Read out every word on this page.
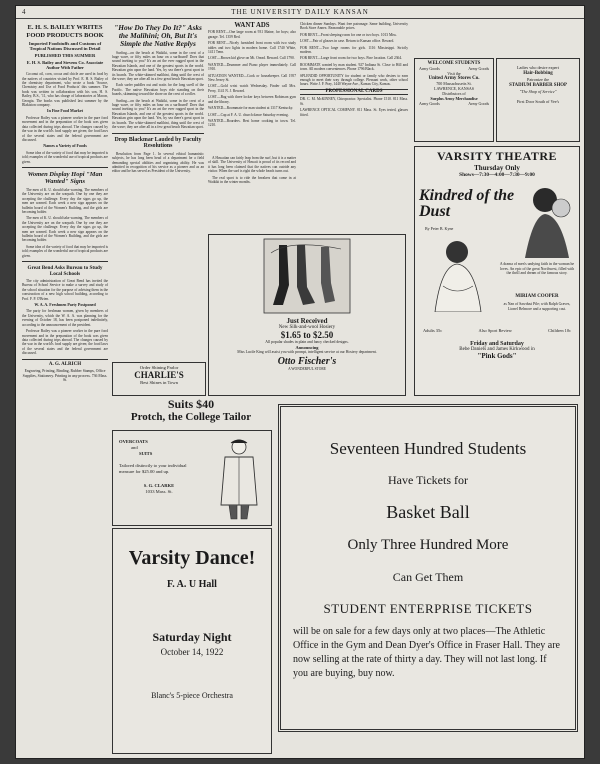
4	THE UNIVERSITY DAILY KANSAN
E. H. S. BAILEY WRITES FOOD PRODUCTS BOOK
Imported Foodstuffs and Customs of Tropical Nations Discussed in Detail
PUBLISHED THIS SUMMER
E. H. S. Bailey and Stevens Co. Associate Author With Father

Coconut oil, corn, cocoa and chicle are used in food by the natives of countries visited by Prof. E. H. S. Bailey of the chemistry department, who wrote a book 'Source, Chemistry and Use of Food Products' this summer. The book was written in collaboration with his son, H. S. Bailey, B.S., '11, who has charge of laboratories at Macon, Georgia. The books was published last summer by the Blakiston company.

In Fine Food Market

Professor Bailey was a pioneer worker in the pure food movement and in the preparation of the book was given data collected during trips abroad. The changes caused by the war in the world's food supply are given; the food laws of the several states and the federal government are discussed.

Names a Variety of Foods

Some idea of the variety of food that may be imported is told; examples of the wonderful use of tropical products are given.

Women Display Hopi "Man Wanted" Signs

The men of K. U. should take warning. The members of the University are on the warpath. One by one they are accepting the challenge. Every day the signs go up, the men are warned. Each week a new sign appears on the bulletin board of the Women's Building, and the girls are becoming bolder.

The men of K. U. should take warning. The members of the University are on the warpath. One by one they are accepting the challenge. Every day the signs go up, the men are warned. Each week a new sign appears on the bulletin board of the Women's Building, and the girls are becoming bolder.

Some idea of the variety of food that may be imported is told; examples of the wonderful use of tropical products are given.

Great Bend Asks Bureau to Study Local Schools

The city administration of Great Bend has invited the Bureau of School Service to make a survey and study of the school situation for the purpose of advising them in the construction of a new high school building, according to Prof. F. P. O'Brien.

W. A. A. Freshmen Party Postponed

The party for freshman women, given by members of the University, which the W. A. A. was planning for the evening of October 18, has been postponed indefinitely, according to the announcement of the president.

Professor Bailey was a pioneer worker in the pure food movement and in the preparation of the book was given data collected during trips abroad. The changes caused by the war in the world's food supply are given; the food laws of the several states and the federal government are discussed.

A. G. ALRICH
Engraving, Printing, Binding, Rubber Stamps, Office Supplies, Stationery. Printing in any process. 736 Mass. St.
"How Do They Do It?" Asks the Malihini; Oh, But It's Simple the Native Replys

Surfing—on the beach at Waikiki, some in the crest of a huge wave, or fifty miles an hour on a surfboard! Does that sound inviting to you? It's an art the ever rugged sport in the Hawaiian Islands, and one of the greatest sports in the world. Hawaiian grin upon the land. Yes, by sea there's great sport in its boards. The white-skinned malihini, thing until the crest of the wave; they are after all in a few great beach Hawaiian sport.

Each surfer paddles out and waits for the long swell of the Pacific. The native Hawaiian boys ride standing on their boards, skimming toward the shore on the crest of a roller.

Surfing—on the beach at Waikiki, some in the crest of a huge wave, or fifty miles an hour on a surfboard! Does that sound inviting to you? It's an art the ever rugged sport in the Hawaiian Islands, and one of the greatest sports in the world. Hawaiian grin upon the land. Yes, by sea there's great sport in its boards. The white-skinned malihini, thing until the crest of the wave; they are after all in a few great beach Hawaiian sport.

Drop Blackmar Lauded by Faculty Resolutions

Resolution from Page 1. In several ethical humanistic subjects, he has long been head of a department he a field demanding special abilities and organizing ability. He was admitted in recognition of his service as a pioneer and as an editor and he has served as President of the University.

WANT ADS
FOR RENT—One large room at 931 Maine, for boys; also garage. Tel. 1359 Red.
FOR RENT—Nicely furnished front room with two study tables and two lights in modern home. Call 1740 White, 1411 Tenn.
LOST—Brown kid glove on Mt. Oread. Reward. Call 1790.
WANTED—Drummer and Piano player immediately. Call 1910.
SITUATION WANTED—Cook or housekeeper. Call 1957 New Jersey St.
LOST—Gold wrist watch Wednesday. Finder call Mrs. Perry, 1141 N. J. Reward.
LOST—Bag with three locker keys between Robinson gym and the library.
WANTED—Roommate for man student at 1317 Kentucky.
LOST—Cap at F. A. U. church dance Saturday evening.
WANTED—Boarders. Best home cooking in town. Tel. 1210.

A Hawaiian can fairly leap from the surf, but it is a matter of skill. The University of Hawaii is proud of its record and it has long been claimed that the natives can outride any visitor. When the surf is right the whole beach turns out.

The real sport is to ride the breakers that come in at Waikiki in the winter months.

Chicken dinner Sundays. Want free patronage. Same building, University Book Store Annex. Reasonable prices.
FOR RENT—Front sleeping room for one or two boys. 1013 Miss.
LOST—Pair of glasses in case. Return to Kansan office. Reward.
FOR RENT—Two large rooms for girls. 1116 Mississippi. Strictly modern.
FOR RENT—Large front room for two boys. Fine location. Call 2364.
ROOMMATE wanted by man student. 927 Indiana St. Close to Hill and town. All modern conveniences. Phone 1796 Black.
SPLENDID OPPORTUNITY for student or family who desires to earn enough to meet their way through college. Pleasant work, other school hours. Write J. F. Pray, 1440 Wayne Ave., Kansas City, Kansas.
PROFESSIONAL CARDS
DR. C. M. McKINNEY, Chiropractor. Specialist. Phone 1510. 811 Mass. St.
LAWRENCE OPTICAL COMPANY. 811 Mass. St. Eyes tested, glasses fitted.
Just Received
New Silk-and-wool Hosiery
$1.65 to $2.50
All popular shades in plain and fancy checked designs.
Announcing
Miss Lucile King will assist you with prompt, intelligent service at our Hosiery department.
Otto Fischer's
A WONDERFUL STORE
Order Shining Parlor
CHARLIE'S
Best Shines in Town
WELCOME STUDENTS
Army Goods	Army Goods
Visit the
United Army Stores Co.
700 Massachusetts St.
LAWRENCE, KANSAS
Distributors of
Surplus Army Merchandise
Army Goods	Army Goods
Ladies who desire expert
Hair-Bobbing
Patronize the
STADIUM BARBER SHOP
"The Shop of Service"
First Door South of Vee's
VARSITY THEATRE
Thursday Only
Shows—7:30—4:00—7:30—9:00
Kindred of the Dust
By Peter B. Kyne
A drama of men's undying faith in the woman he loves. An epic of the great Northwest, filled with the thrill and dream of the famous story.
MIRIAM COOPER
as Nan of Sawdust Pile; with Ralph Graves, Lionel Belmore and a supporting cast.
Adults 35c	Also Sport Review	Children 10c
Friday and Saturday
Bebe Daniels and James Kirkwood in
"Pink Gods"
Suits $40
Protch, the College Tailor
OVERCOATS
and
SUITS
Tailored distinctly to your individual measure for $25.00 and up.
S. G. CLARKE
1033 Mass. St.
Varsity Dance!
F. A. U Hall
Saturday Night
October 14, 1922
Blanc's 5-piece Orchestra
Seventeen Hundred Students
Have Tickets for
Basket Ball
Only Three Hundred More
Can Get Them
STUDENT ENTERPRISE TICKETS
will be on sale for a few days only at two places—The Athletic Office in the Gym and Dean Dyer's Office in Fraser Hall. They are now selling at the rate of thirty a day. They will not last long. If you are buying, buy now.
